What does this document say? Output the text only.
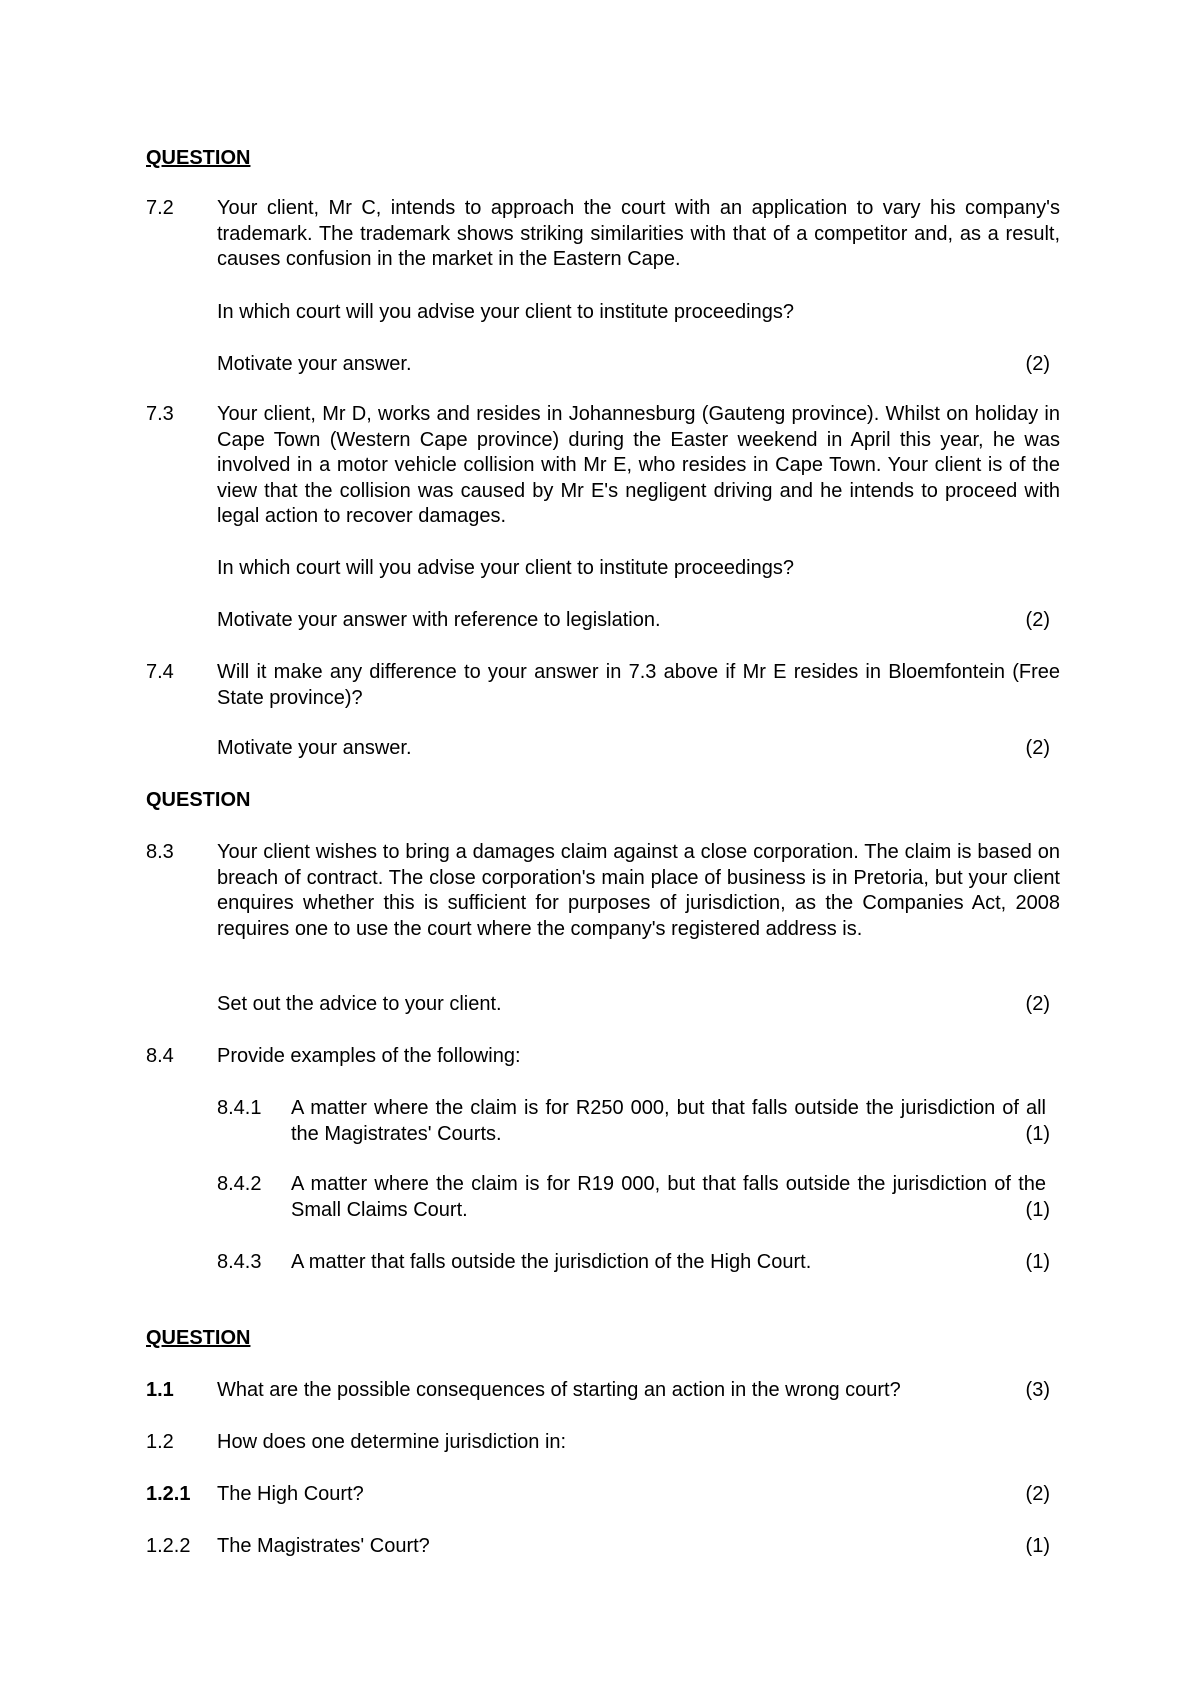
QUESTION
7.2 Your client, Mr C, intends to approach the court with an application to vary his company's trademark. The trademark shows striking similarities with that of a competitor and, as a result, causes confusion in the market in the Eastern Cape.

In which court will you advise your client to institute proceedings?
Motivate your answer.	(2)
7.3 Your client, Mr D, works and resides in Johannesburg (Gauteng province). Whilst on holiday in Cape Town (Western Cape province) during the Easter weekend in April this year, he was involved in a motor vehicle collision with Mr E, who resides in Cape Town. Your client is of the view that the collision was caused by Mr E's negligent driving and he intends to proceed with legal action to recover damages.

In which court will you advise your client to institute proceedings?
Motivate your answer with reference to legislation.	(2)
7.4 Will it make any difference to your answer in 7.3 above if Mr E resides in Bloemfontein (Free State province)?

Motivate your answer.	(2)
QUESTION
8.3 Your client wishes to bring a damages claim against a close corporation. The claim is based on breach of contract. The close corporation's main place of business is in Pretoria, but your client enquires whether this is sufficient for purposes of jurisdiction, as the Companies Act, 2008 requires one to use the court where the company's registered address is.

Set out the advice to your client.	(2)
8.4 Provide examples of the following:
8.4.1 A matter where the claim is for R250 000, but that falls outside the jurisdiction of all the Magistrates' Courts.	(1)
8.4.2 A matter where the claim is for R19 000, but that falls outside the jurisdiction of the Small Claims Court.	(1)
8.4.3 A matter that falls outside the jurisdiction of the High Court.	(1)
QUESTION
1.1 What are the possible consequences of starting an action in the wrong court?	(3)
1.2 How does one determine jurisdiction in:
1.2.1 The High Court?	(2)
1.2.2 The Magistrates' Court?	(1)
